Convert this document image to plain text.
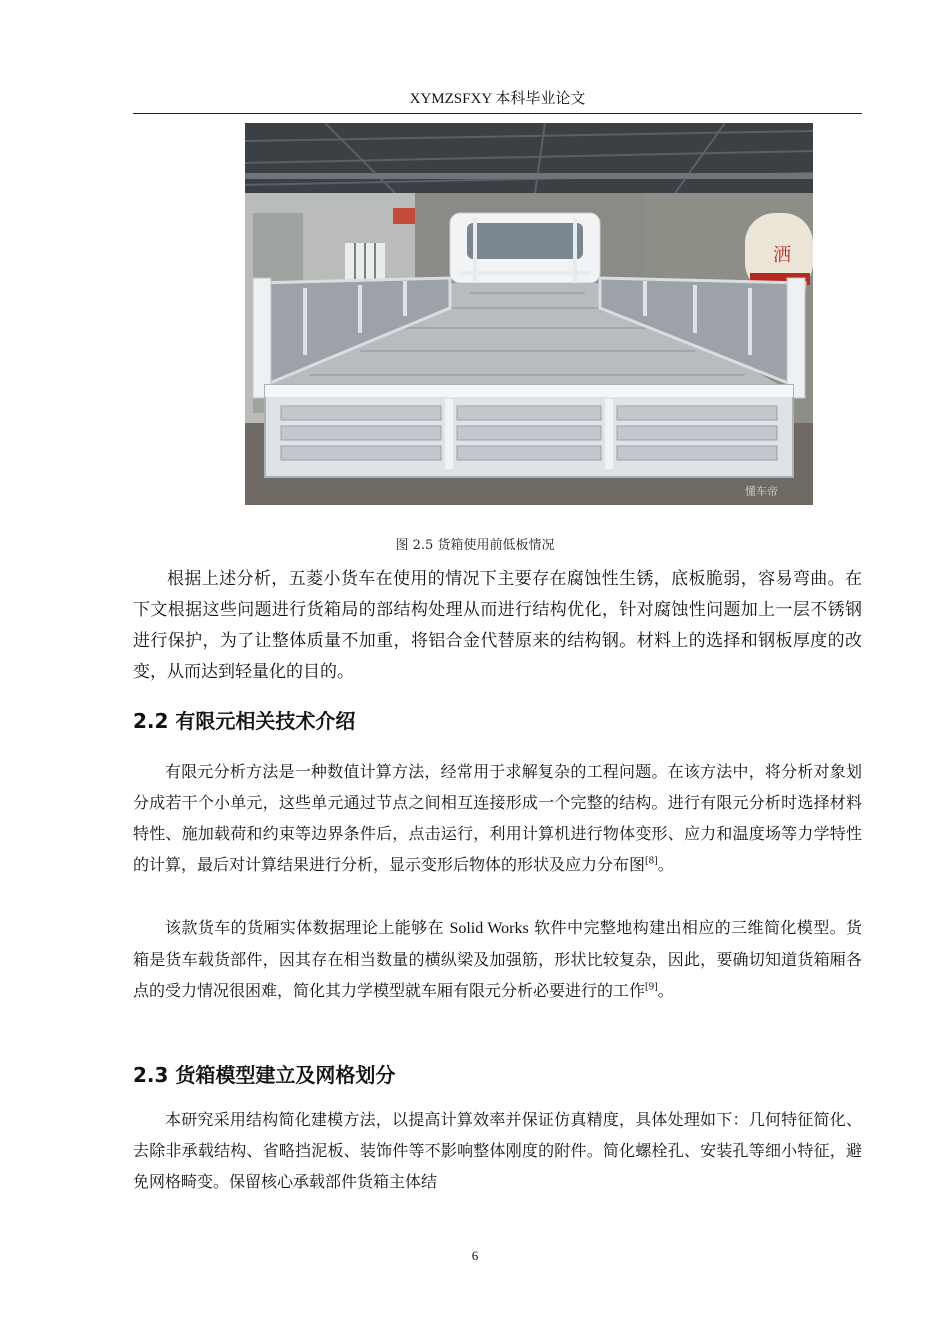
XYMZSFXY 本科毕业论文
洒
懂车帝
图 2.5 货箱使用前低板情况

根据上述分析，五菱小货车在使用的情况下主要存在腐蚀性生锈，底板脆弱，容易弯曲。在下文根据这些问题进行货箱局的部结构处理从而进行结构优化，针对腐蚀性问题加上一层不锈钢进行保护，为了让整体质量不加重，将铝合金代替原来的结构钢。材料上的选择和钢板厚度的改变，从而达到轻量化的目的。

2.2 有限元相关技术介绍

有限元分析方法是一种数值计算方法，经常用于求解复杂的工程问题。在该方法中，将分析对象划分成若干个小单元，这些单元通过节点之间相互连接形成一个完整的结构。进行有限元分析时选择材料特性、施加载荷和约束等边界条件后，点击运行，利用计算机进行物体变形、应力和温度场等力学特性的计算，最后对计算结果进行分析，显示变形后物体的形状及应力分布图[8]。

该款货车的货厢实体数据理论上能够在 Solid Works 软件中完整地构建出相应的三维简化模型。货箱是货车载货部件，因其存在相当数量的横纵梁及加强筋，形状比较复杂，因此，要确切知道货箱厢各点的受力情况很困难，简化其力学模型就车厢有限元分析必要进行的工作[9]。

2.3 货箱模型建立及网格划分

本研究采用结构简化建模方法，以提高计算效率并保证仿真精度，具体处理如下：几何特征简化、去除非承载结构、省略挡泥板、装饰件等不影响整体刚度的附件。简化螺栓孔、安装孔等细小特征，避免网格畸变。保留核心承载部件货箱主体结

6
